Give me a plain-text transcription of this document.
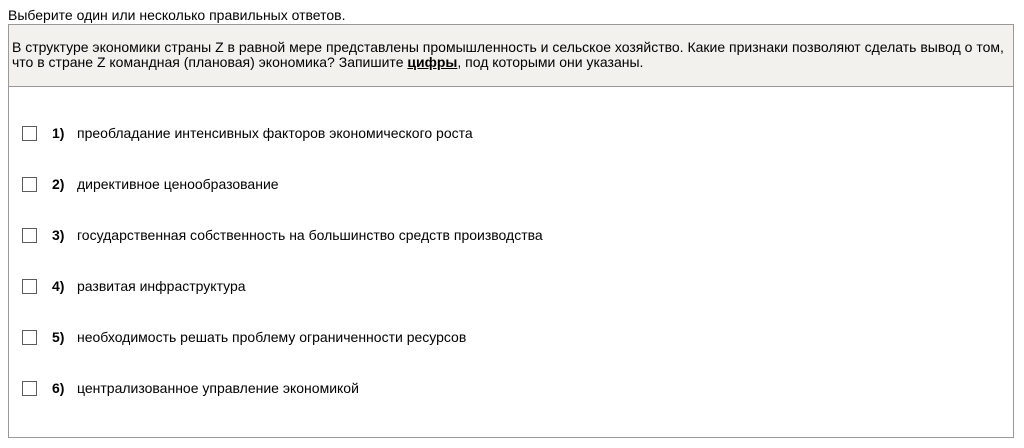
Выберите один или несколько правильных ответов.
В структуре экономики страны Z в равной мере представлены промышленность и сельское хозяйство. Какие признаки позволяют сделать вывод о том, что в стране Z командная (плановая) экономика? Запишите цифры, под которыми они указаны.
1) преобладание интенсивных факторов экономического роста
2) директивное ценообразование
3) государственная собственность на большинство средств производства
4) развитая инфраструктура
5) необходимость решать проблему ограниченности ресурсов
6) централизованное управление экономикой
